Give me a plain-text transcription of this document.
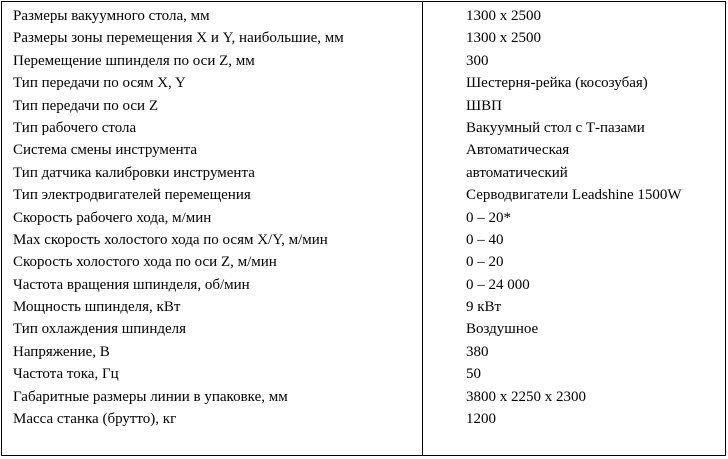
Размеры вакуумного стола, мм	1300 x 2500
Размеры зоны перемещения X и Y, наибольшие, мм	1300 x 2500
Перемещение шпинделя по оси Z, мм	300
Тип передачи по осям X, Y	Шестерня-рейка (косозубая)
Тип передачи по оси Z	ШВП
Тип рабочего стола	Вакуумный стол с Т-пазами
Система смены инструмента	Автоматическая
Тип датчика калибровки инструмента	автоматический
Тип электродвигателей перемещения	Серводвигатели Leadshine 1500W
Скорость рабочего хода, м/мин	0 – 20*
Max скорость холостого хода по осям X/Y, м/мин	0 – 40
Скорость холостого хода по оси Z, м/мин	0 – 20
Частота вращения шпинделя, об/мин	0 – 24 000
Мощность шпинделя, кВт	9 кВт
Тип охлаждения шпинделя	Воздушное
Напряжение, В	380
Частота тока, Гц	50
Габаритные размеры линии в упаковке, мм	3800 x 2250 x 2300
Масса станка (брутто), кг	1200
